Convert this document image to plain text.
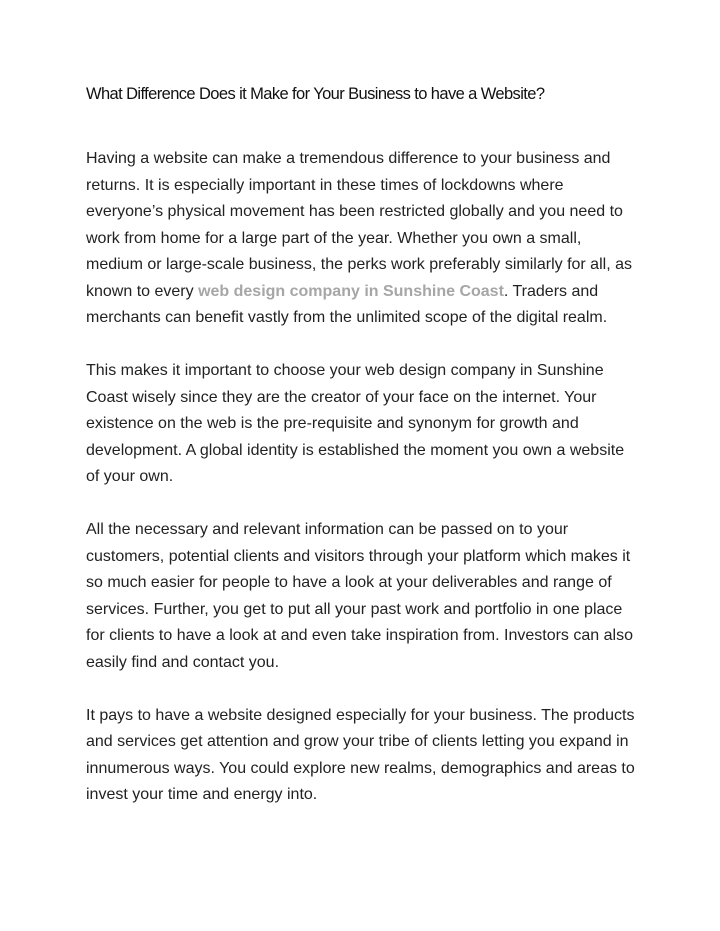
What Difference Does it Make for Your Business to have a Website?

Having a website can make a tremendous difference to your business and returns. It is especially important in these times of lockdowns where everyone’s physical movement has been restricted globally and you need to work from home for a large part of the year. Whether you own a small, medium or large-scale business, the perks work preferably similarly for all, as known to every web design company in Sunshine Coast. Traders and merchants can benefit vastly from the unlimited scope of the digital realm.

This makes it important to choose your web design company in Sunshine Coast wisely since they are the creator of your face on the internet. Your existence on the web is the pre-requisite and synonym for growth and development. A global identity is established the moment you own a website of your own.

All the necessary and relevant information can be passed on to your customers, potential clients and visitors through your platform which makes it so much easier for people to have a look at your deliverables and range of services. Further, you get to put all your past work and portfolio in one place for clients to have a look at and even take inspiration from. Investors can also easily find and contact you.

It pays to have a website designed especially for your business. The products and services get attention and grow your tribe of clients letting you expand in innumerous ways. You could explore new realms, demographics and areas to invest your time and energy into.
